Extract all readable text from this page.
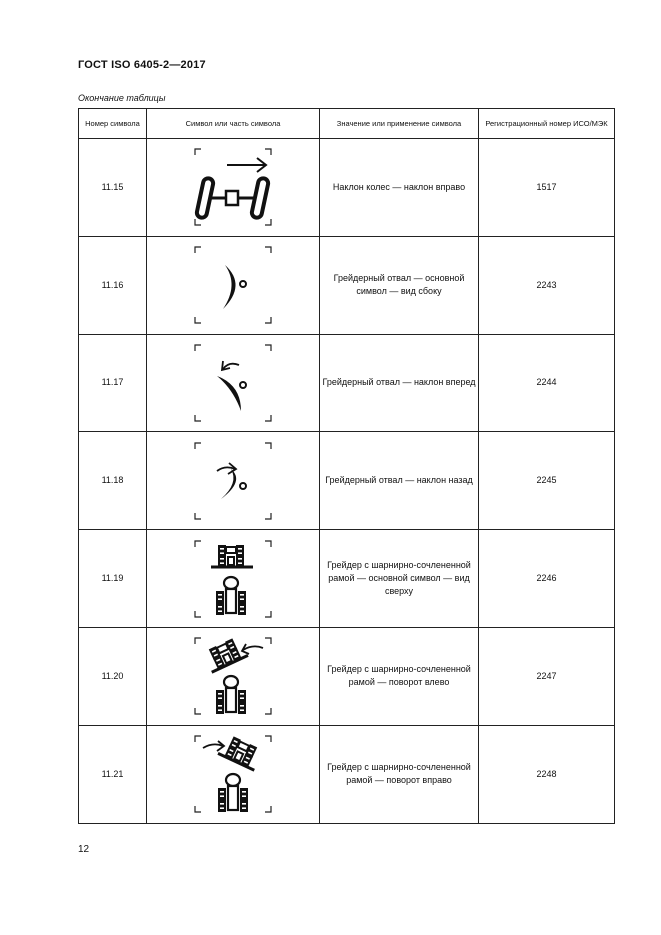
ГОСТ ISO 6405-2—2017
Окончание таблицы
Номер символа	Символ или часть символа	Значение или применение символа	Регистрационный номер ИСО/МЭК
11.15		Наклон колес — наклон вправо	1517
11.16		Грейдерный отвал — основной символ — вид сбоку	2243
11.17		Грейдерный отвал — наклон вперед	2244
11.18		Грейдерный отвал — наклон назад	2245
11.19		Грейдер с шарнирно-сочлененной рамой — основной символ — вид сверху	2246
11.20		Грейдер с шарнирно-сочлененной рамой — поворот влево	2247
11.21		Грейдер с шарнирно-сочлененной рамой — поворот вправо	2248
12
